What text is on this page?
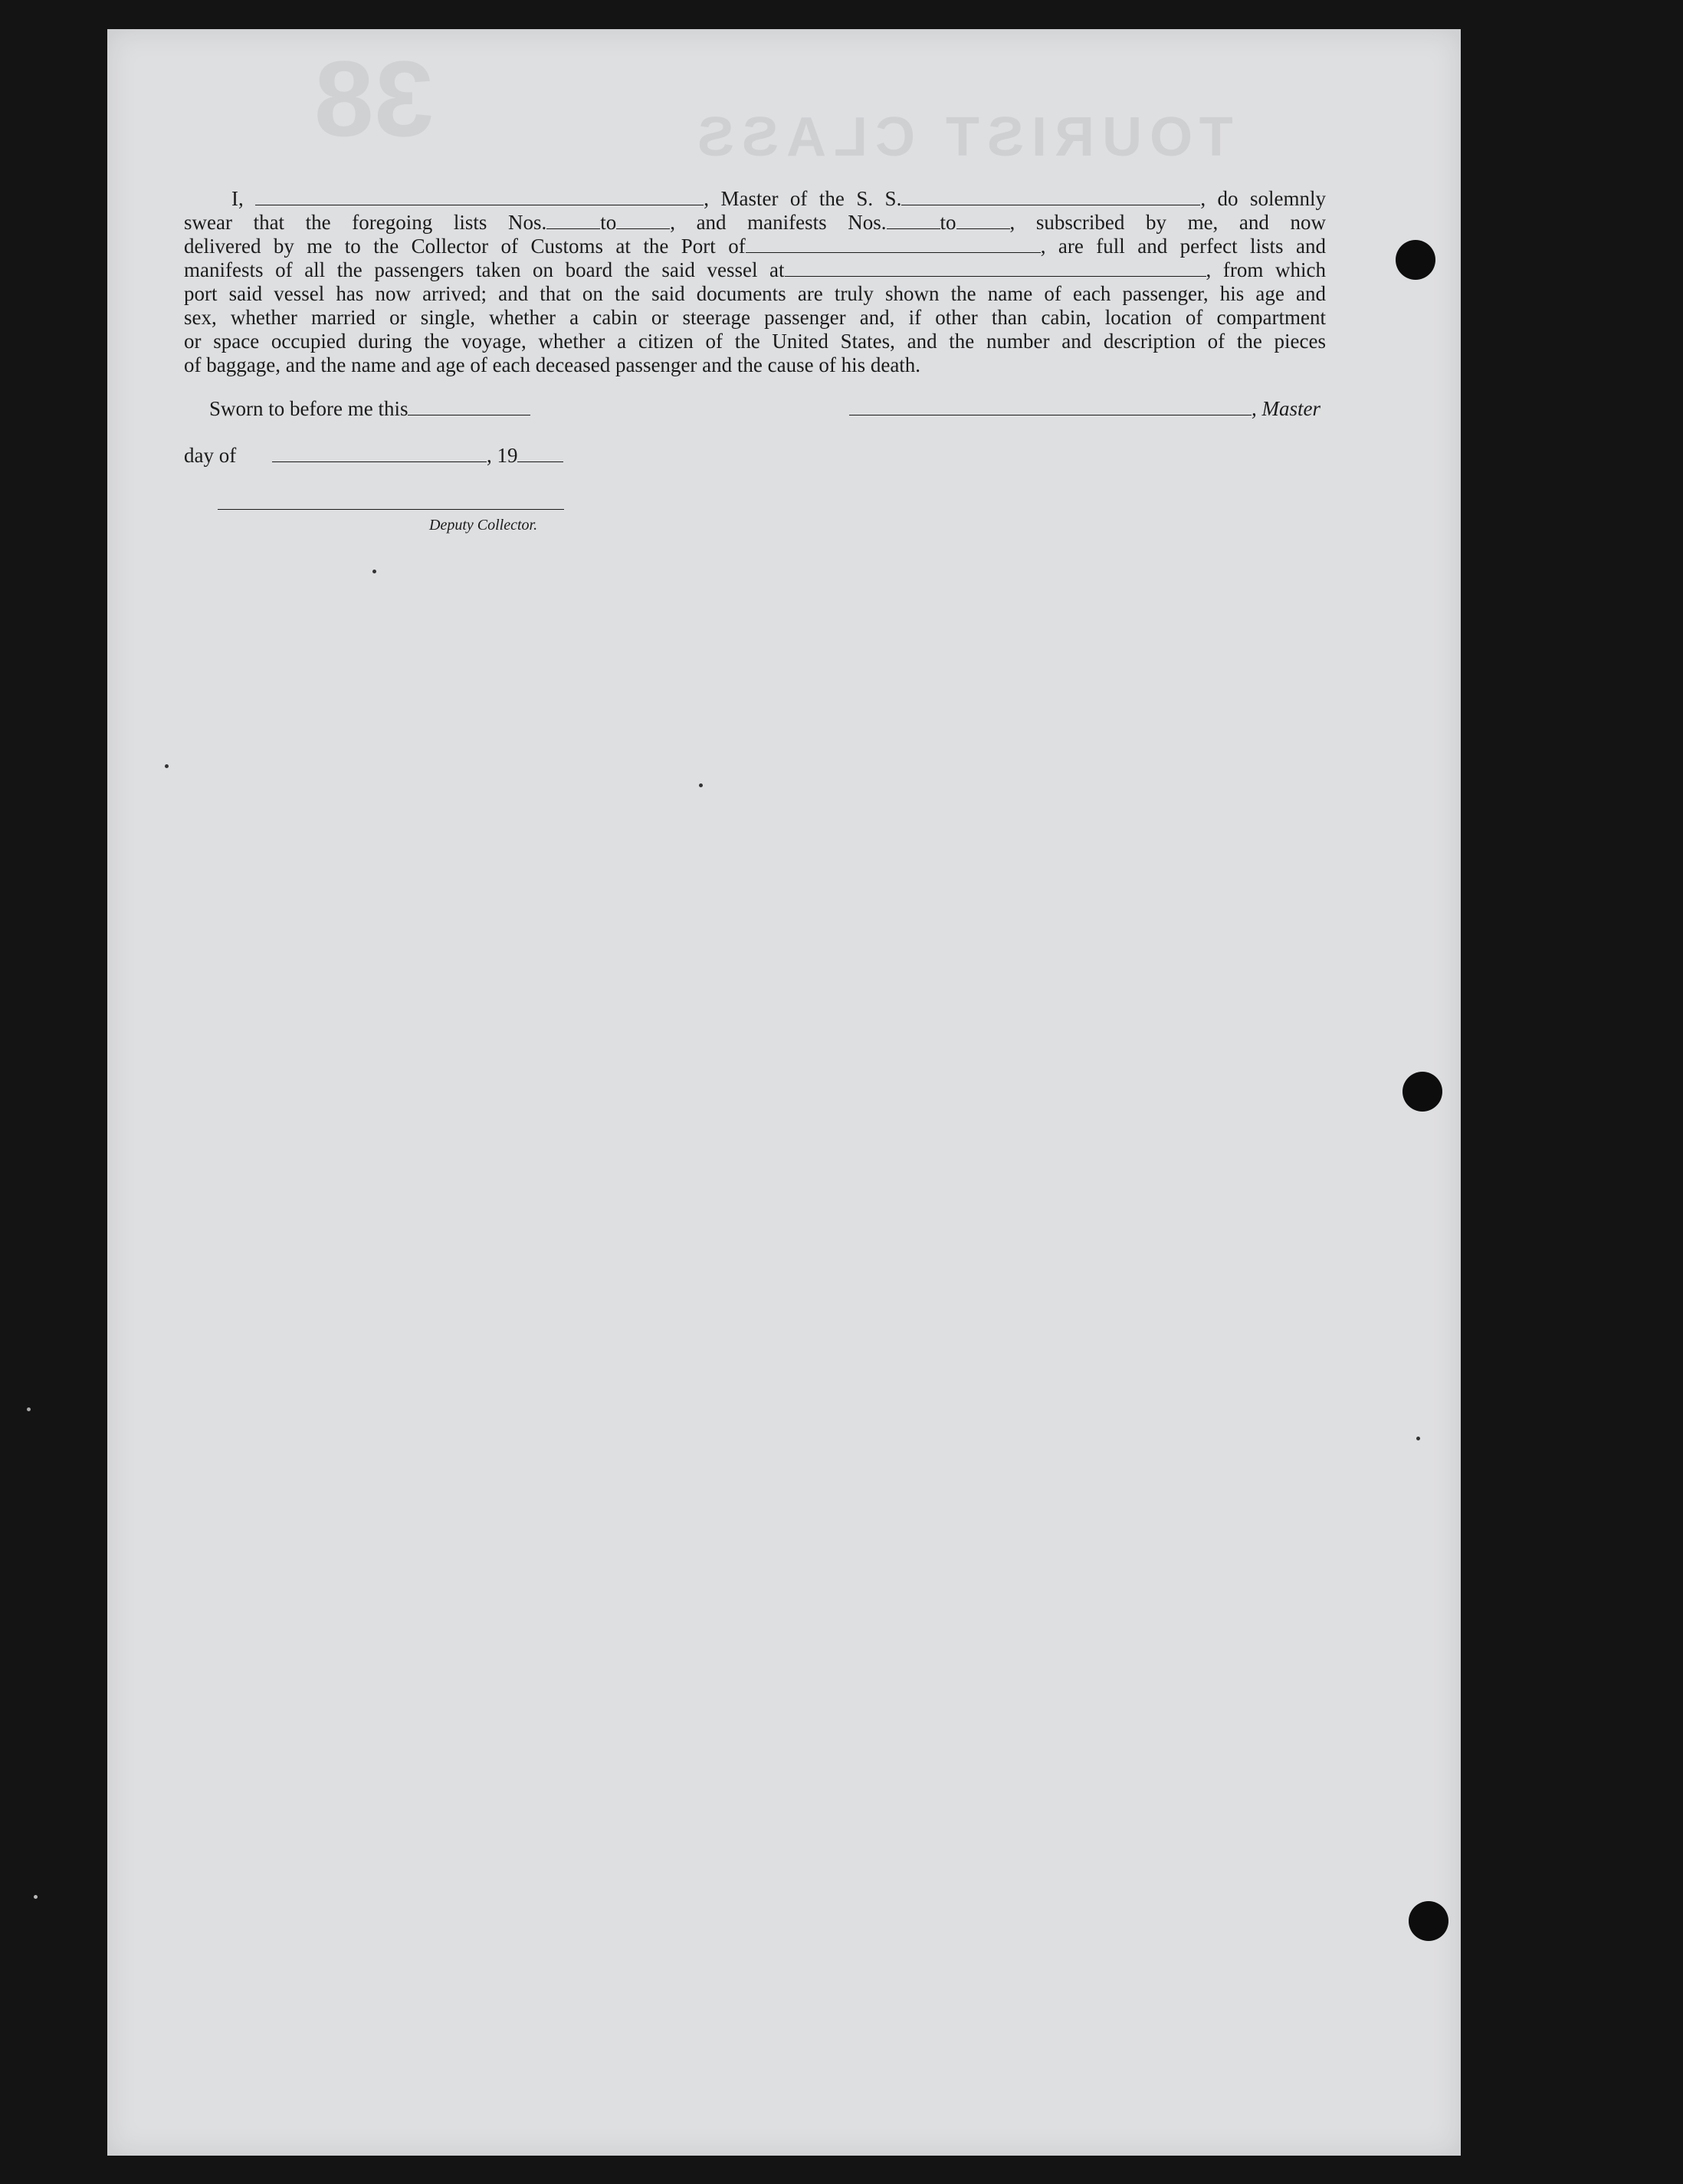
38	TOURIST CLASS
I,	, Master of the S. S.	, do solemnly
swear that the foregoing lists Nos.	to	, and manifests Nos.	to	, subscribed by me, and now
delivered by me to the Collector of Customs at the Port of	, are full and perfect lists and
manifests of all the passengers taken on board the said vessel at	, from which
port said vessel has now arrived; and that on the said documents are truly shown the name of each passenger, his age and
sex, whether married or single, whether a cabin or steerage passenger and, if other than cabin, location of compartment
or space occupied during the voyage, whether a citizen of the United States, and the number and description of the pieces
of baggage, and the name and age of each deceased passenger and the cause of his death.
Sworn to before me this	, Master
day of	, 19
Deputy Collector.
